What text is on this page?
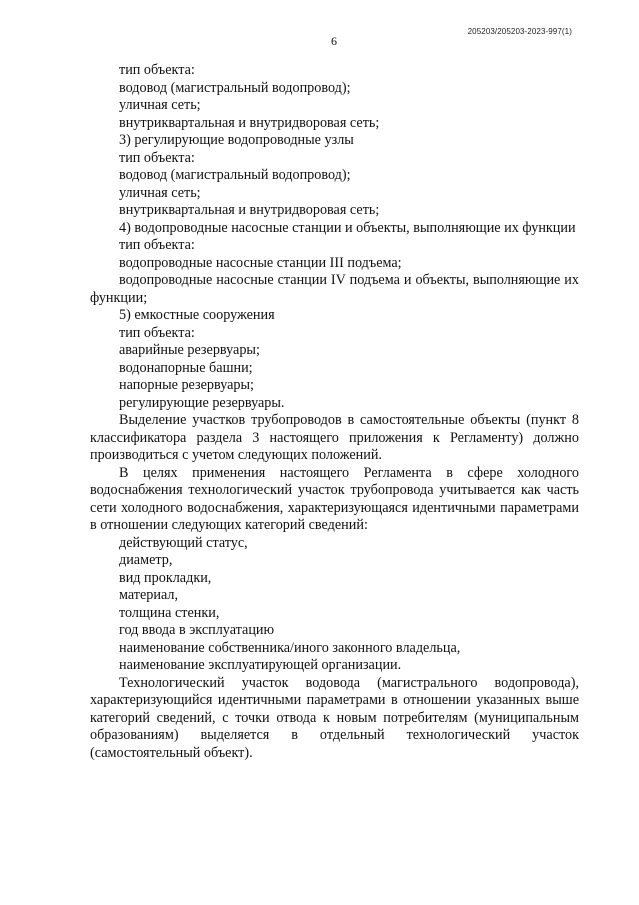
205203/205203-2023-997(1)
6
тип объекта:
водовод (магистральный водопровод);
уличная сеть;
внутриквартальная и внутридворовая сеть;
3) регулирующие водопроводные узлы
тип объекта:
водовод (магистральный водопровод);
уличная сеть;
внутриквартальная и внутридворовая сеть;
4) водопроводные насосные станции и объекты, выполняющие их функции
тип объекта:
водопроводные насосные станции III подъема;
водопроводные насосные станции IV подъема и объекты, выполняющие их функции;
5) емкостные сооружения
тип объекта:
аварийные резервуары;
водонапорные башни;
напорные резервуары;
регулирующие резервуары.
Выделение участков трубопроводов в самостоятельные объекты (пункт 8 классификатора раздела 3 настоящего приложения к Регламенту) должно производиться с учетом следующих положений.
В целях применения настоящего Регламента в сфере холодного водоснабжения технологический участок трубопровода учитывается как часть сети холодного водоснабжения, характеризующаяся идентичными параметрами в отношении следующих категорий сведений:
действующий статус,
диаметр,
вид прокладки,
материал,
толщина стенки,
год ввода в эксплуатацию
наименование собственника/иного законного владельца,
наименование эксплуатирующей организации.
Технологический участок водовода (магистрального водопровода), характеризующийся идентичными параметрами в отношении указанных выше категорий сведений, с точки отвода к новым потребителям (муниципальным образованиям) выделяется в отдельный технологический участок (самостоятельный объект).
